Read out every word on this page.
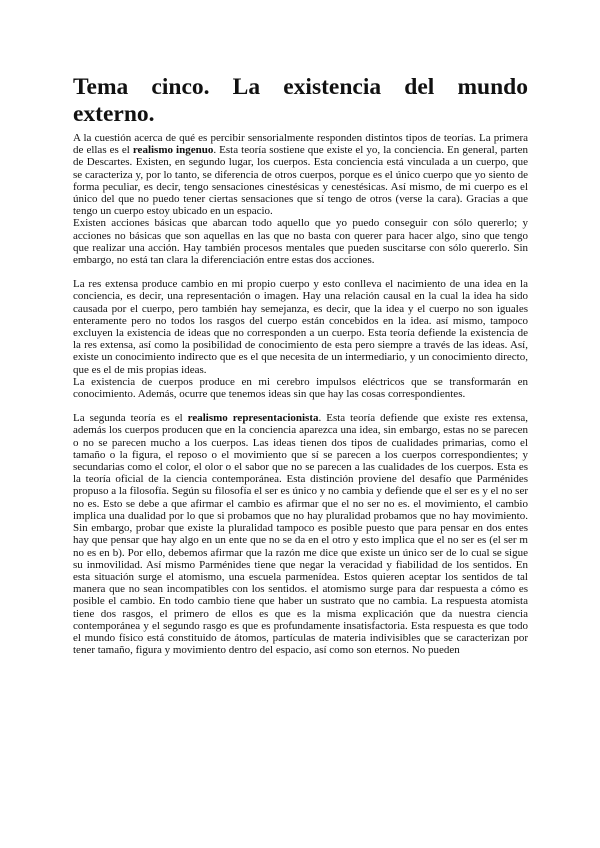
Tema cinco. La existencia del mundo externo.

A la cuestión acerca de qué es percibir sensorialmente responden distintos tipos de teorías. La primera de ellas es el realismo ingenuo. Esta teoría sostiene que existe el yo, la conciencia. En general, parten de Descartes. Existen, en segundo lugar, los cuerpos. Esta conciencia está vinculada a un cuerpo, que se caracteriza y, por lo tanto, se diferencia de otros cuerpos, porque es el único cuerpo que yo siento de forma peculiar, es decir, tengo sensaciones cinestésicas y cenestésicas. Así mismo, de mi cuerpo es el único del que no puedo tener ciertas sensaciones que sí tengo de otros (verse la cara). Gracias a que tengo un cuerpo estoy ubicado en un espacio.

Existen acciones básicas que abarcan todo aquello que yo puedo conseguir con sólo quererlo; y acciones no básicas que son aquellas en las que no basta con querer para hacer algo, sino que tengo que realizar una acción. Hay también procesos mentales que pueden suscitarse con sólo quererlo. Sin embargo, no está tan clara la diferenciación entre estas dos acciones.

La res extensa produce cambio en mi propio cuerpo y esto conlleva el nacimiento de una idea en la conciencia, es decir, una representación o imagen. Hay una relación causal en la cual la idea ha sido causada por el cuerpo, pero también hay semejanza, es decir, que la idea y el cuerpo no son iguales enteramente pero no todos los rasgos del cuerpo están concebidos en la idea. así mismo, tampoco excluyen la existencia de ideas que no corresponden a un cuerpo. Esta teoría defiende la existencia de la res extensa, así como la posibilidad de conocimiento de esta pero siempre a través de las ideas. Así, existe un conocimiento indirecto que es el que necesita de un intermediario, y un conocimiento directo, que es el de mis propias ideas.

La existencia de cuerpos produce en mi cerebro impulsos eléctricos que se transformarán en conocimiento. Además, ocurre que tenemos ideas sin que hay las cosas correspondientes.

La segunda teoría es el realismo representacionista. Esta teoría defiende que existe res extensa, además los cuerpos producen que en la conciencia aparezca una idea, sin embargo, estas no se parecen o no se parecen mucho a los cuerpos. Las ideas tienen dos tipos de cualidades primarias, como el tamaño o la figura, el reposo o el movimiento que sí se parecen a los cuerpos correspondientes; y secundarias como el color, el olor o el sabor que no se parecen a las cualidades de los cuerpos. Esta es la teoría oficial de la ciencia contemporánea. Esta distinción proviene del desafío que Parménides propuso a la filosofía. Según su filosofía el ser es único y no cambia y defiende que el ser es y el no ser no es. Esto se debe a que afirmar el cambio es afirmar que el no ser no es. el movimiento, el cambio implica una dualidad por lo que si probamos que no hay pluralidad probamos que no hay movimiento. Sin embargo, probar que existe la pluralidad tampoco es posible puesto que para pensar en dos entes hay que pensar que hay algo en un ente que no se da en el otro y esto implica que el no ser es (el ser m no es en b). Por ello, debemos afirmar que la razón me dice que existe un único ser de lo cual se sigue su inmovilidad. Así mismo Parménides tiene que negar la veracidad y fiabilidad de los sentidos. En esta situación surge el atomismo, una escuela parmenídea. Estos quieren aceptar los sentidos de tal manera que no sean incompatibles con los sentidos. el atomismo surge para dar respuesta a cómo es posible el cambio. En todo cambio tiene que haber un sustrato que no cambia. La respuesta atomista tiene dos rasgos, el primero de ellos es que es la misma explicación que da nuestra ciencia contemporánea y el segundo rasgo es que es profundamente insatisfactoria. Esta respuesta es que todo el mundo físico está constituido de átomos, partículas de materia indivisibles que se caracterizan por tener tamaño, figura y movimiento dentro del espacio, así como son eternos. No pueden
